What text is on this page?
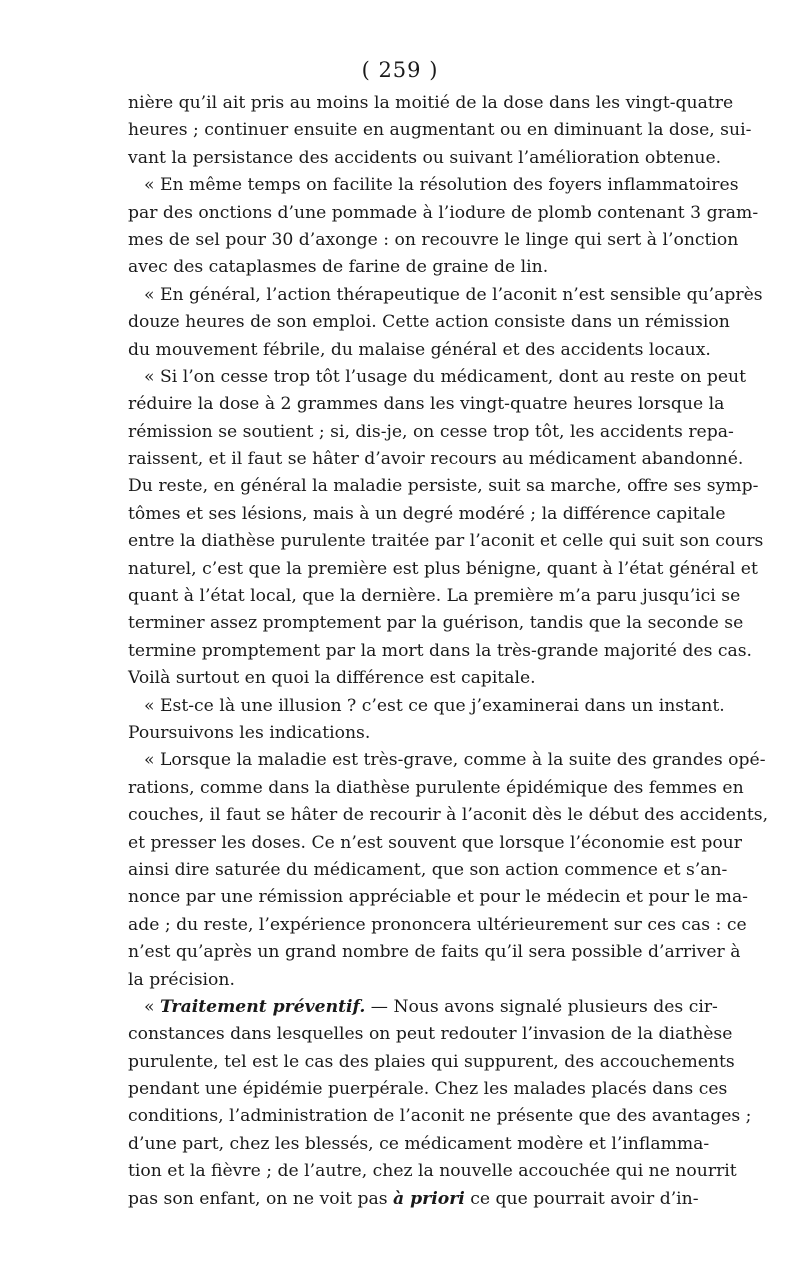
( 259 )
nière qu’il ait pris au moins la moitié de la dose dans les vingt-quatre
heures ; continuer ensuite en augmentant ou en diminuant la dose, sui-
vant la persistance des accidents ou suivant l’amélioration obtenue.
« En même temps on facilite la résolution des foyers inflammatoires
par des onctions d’une pommade à l’iodure de plomb contenant 3 gram-
mes de sel pour 30 d’axonge : on recouvre le linge qui sert à l’onction
avec des cataplasmes de farine de graine de lin.
« En général, l’action thérapeutique de l’aconit n’est sensible qu’après
douze heures de son emploi. Cette action consiste dans un rémission
du mouvement fébrile, du malaise général et des accidents locaux.
« Si l’on cesse trop tôt l’usage du médicament, dont au reste on peut
réduire la dose à 2 grammes dans les vingt-quatre heures lorsque la
rémission se soutient ; si, dis-je, on cesse trop tôt, les accidents repa-
raissent, et il faut se hâter d’avoir recours au médicament abandonné.
Du reste, en général la maladie persiste, suit sa marche, offre ses symp-
tômes et ses lésions, mais à un degré modéré ; la différence capitale
entre la diathèse purulente traitée par l’aconit et celle qui suit son cours
naturel, c’est que la première est plus bénigne, quant à l’état général et
quant à l’état local, que la dernière. La première m’a paru jusqu’ici se
terminer assez promptement par la guérison, tandis que la seconde se
termine promptement par la mort dans la très-grande majorité des cas.
Voilà surtout en quoi la différence est capitale.
« Est-ce là une illusion ? c’est ce que j’examinerai dans un instant.
Poursuivons les indications.
« Lorsque la maladie est très-grave, comme à la suite des grandes opé-
rations, comme dans la diathèse purulente épidémique des femmes en
couches, il faut se hâter de recourir à l’aconit dès le début des accidents,
et presser les doses. Ce n’est souvent que lorsque l’économie est pour
ainsi dire saturée du médicament, que son action commence et s’an-
nonce par une rémission appréciable et pour le médecin et pour le ma-
ade ; du reste, l’expérience prononcera ultérieurement sur ces cas : ce
n’est qu’après un grand nombre de faits qu’il sera possible d’arriver à
la précision.
« Traitement préventif. — Nous avons signalé plusieurs des cir-
constances dans lesquelles on peut redouter l’invasion de la diathèse
purulente, tel est le cas des plaies qui suppurent, des accouchements
pendant une épidémie puerpérale. Chez les malades placés dans ces
conditions, l’administration de l’aconit ne présente que des avantages ;
d’une part, chez les blessés, ce médicament modère et l’inflamma-
tion et la fièvre ; de l’autre, chez la nouvelle accouchée qui ne nourrit
pas son enfant, on ne voit pas à priori ce que pourrait avoir d’in-
